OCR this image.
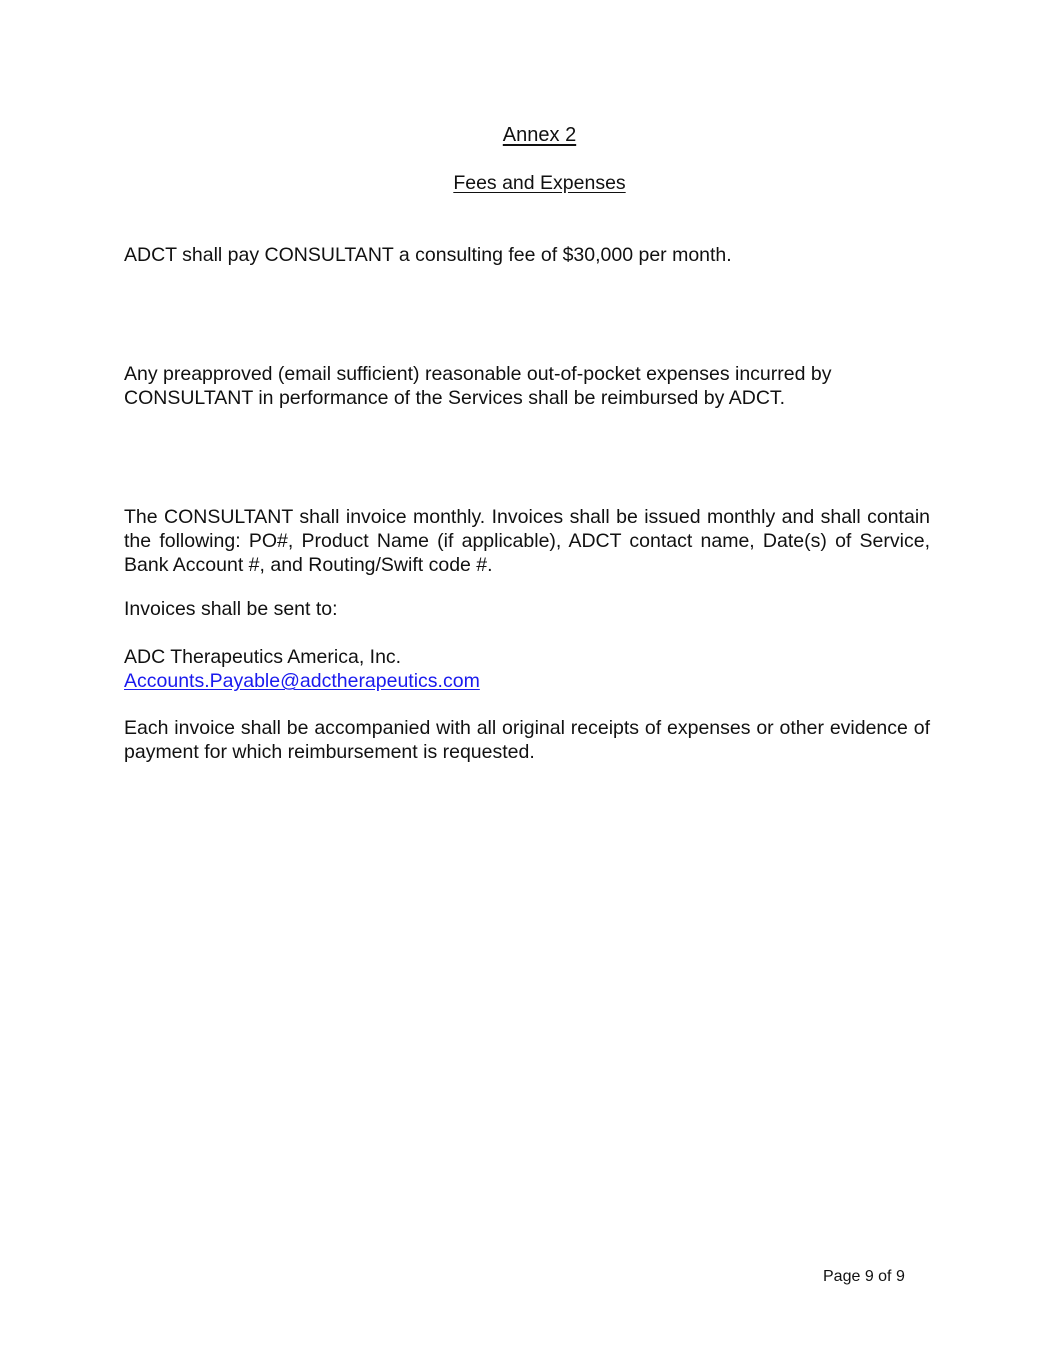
Annex 2
Fees and Expenses

ADCT shall pay CONSULTANT a consulting fee of $30,000 per month.

Any preapproved (email sufficient) reasonable out-of-pocket expenses incurred by CONSULTANT in performance of the Services shall be reimbursed by ADCT.

The CONSULTANT shall invoice monthly. Invoices shall be issued monthly and shall contain the following: PO#, Product Name (if applicable), ADCT contact name, Date(s) of Service, Bank Account #, and Routing/Swift code #.

Invoices shall be sent to:

ADC Therapeutics America, Inc.

Accounts.Payable@adctherapeutics.com

Each invoice shall be accompanied with all original receipts of expenses or other evidence of payment for which reimbursement is requested.

Page 9 of 9
